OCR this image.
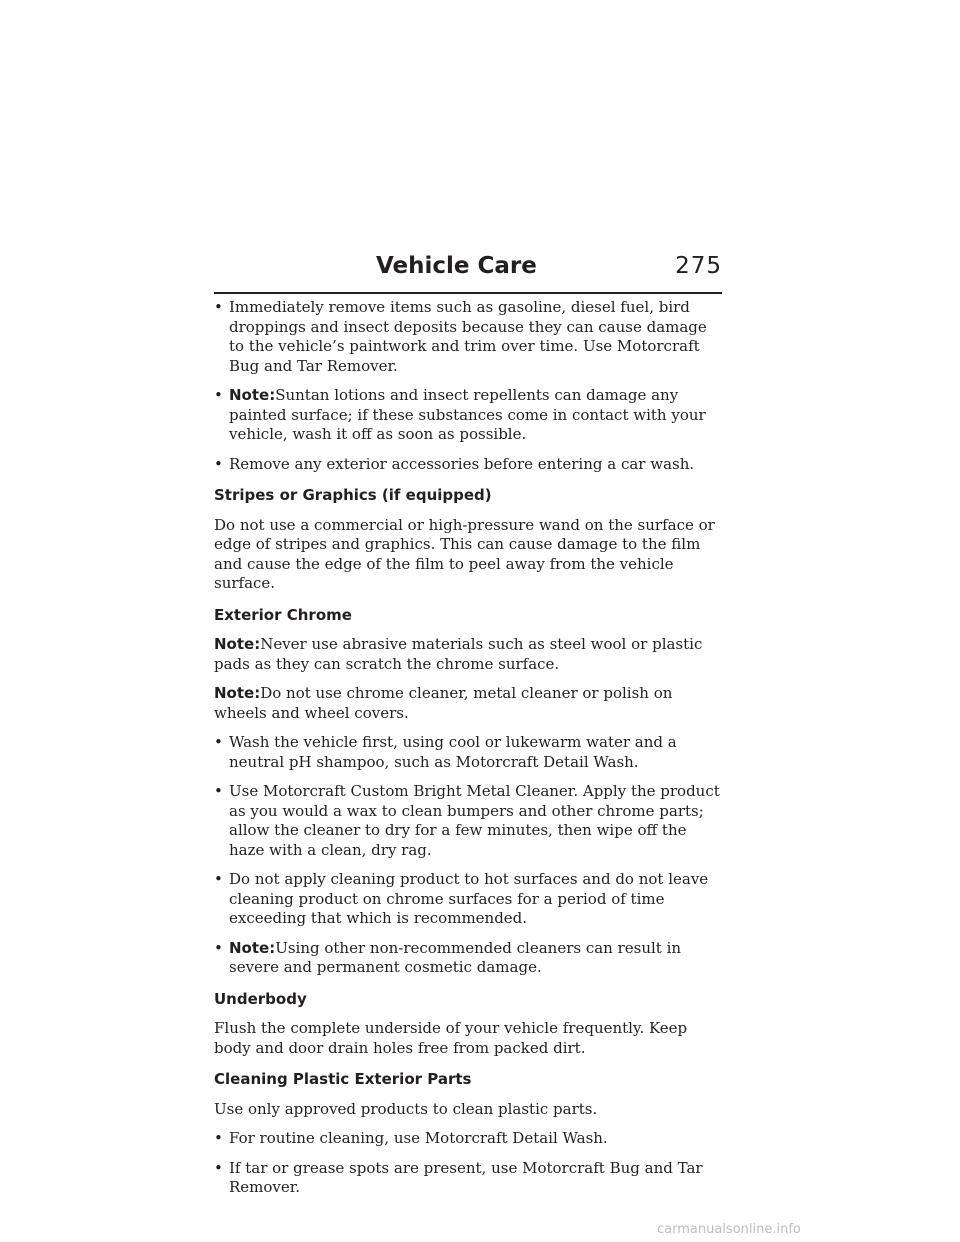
Vehicle Care	275
• Immediately remove items such as gasoline, diesel fuel, bird droppings and insect deposits because they can cause damage to the vehicle’s paintwork and trim over time. Use Motorcraft Bug and Tar Remover.
• Note:Suntan lotions and insect repellents can damage any painted surface; if these substances come in contact with your vehicle, wash it off as soon as possible.
• Remove any exterior accessories before entering a car wash.
Stripes or Graphics (if equipped)

Do not use a commercial or high-pressure wand on the surface or edge of stripes and graphics. This can cause damage to the film and cause the edge of the film to peel away from the vehicle surface.

Exterior Chrome

Note:Never use abrasive materials such as steel wool or plastic pads as they can scratch the chrome surface.

Note:Do not use chrome cleaner, metal cleaner or polish on wheels and wheel covers.

• Wash the vehicle first, using cool or lukewarm water and a neutral pH shampoo, such as Motorcraft Detail Wash.
• Use Motorcraft Custom Bright Metal Cleaner. Apply the product as you would a wax to clean bumpers and other chrome parts; allow the cleaner to dry for a few minutes, then wipe off the haze with a clean, dry rag.
• Do not apply cleaning product to hot surfaces and do not leave cleaning product on chrome surfaces for a period of time exceeding that which is recommended.
• Note:Using other non-recommended cleaners can result in severe and permanent cosmetic damage.
Underbody

Flush the complete underside of your vehicle frequently. Keep body and door drain holes free from packed dirt.

Cleaning Plastic Exterior Parts

Use only approved products to clean plastic parts.

• For routine cleaning, use Motorcraft Detail Wash.
• If tar or grease spots are present, use Motorcraft Bug and Tar Remover.
carmanualsonline.info
